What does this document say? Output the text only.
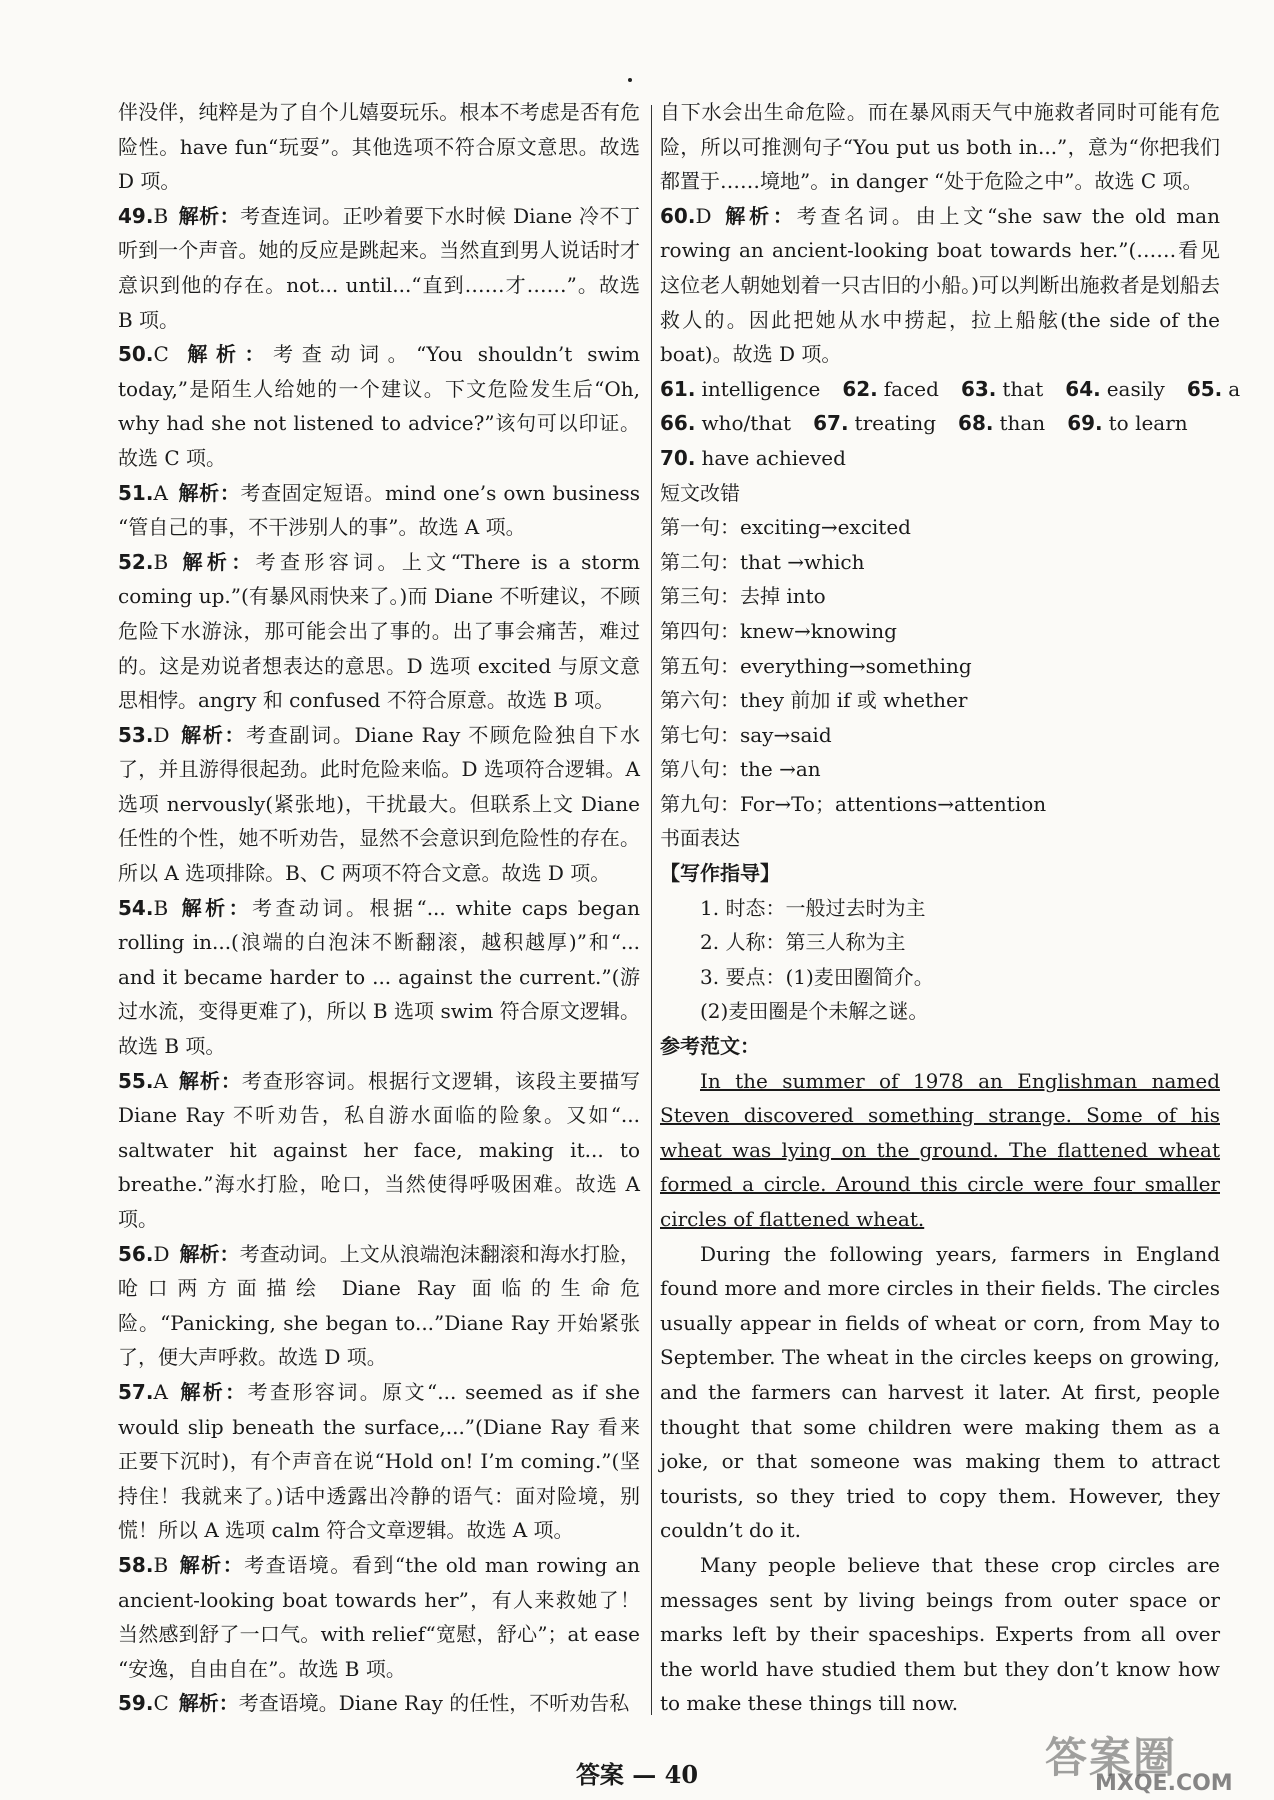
伴没伴，纯粹是为了自个儿嬉耍玩乐。根本不考虑是否有危险性。have fun“玩耍”。其他选项不符合原文意思。故选 D 项。

49.B 解析：考查连词。正吵着要下水时候 Diane 冷不丁听到一个声音。她的反应是跳起来。当然直到男人说话时才意识到他的存在。not... until...“直到……才……”。故选 B 项。

50.C 解析：考查动词。“You shouldn’t swim today,”是陌生人给她的一个建议。下文危险发生后“Oh, why had she not listened to advice?”该句可以印证。故选 C 项。

51.A 解析：考查固定短语。mind one’s own business “管自己的事，不干涉别人的事”。故选 A 项。

52.B 解析：考查形容词。上文“There is a storm coming up.”(有暴风雨快来了。)而 Diane 不听建议，不顾危险下水游泳，那可能会出了事的。出了事会痛苦，难过的。这是劝说者想表达的意思。D 选项 excited 与原文意思相悖。angry 和 confused 不符合原意。故选 B 项。

53.D 解析：考查副词。Diane Ray 不顾危险独自下水了，并且游得很起劲。此时危险来临。D 选项符合逻辑。A 选项 nervously(紧张地)，干扰最大。但联系上文 Diane 任性的个性，她不听劝告，显然不会意识到危险性的存在。所以 A 选项排除。B、C 两项不符合文意。故选 D 项。

54.B 解析：考查动词。根据“... white caps began rolling in...(浪端的白泡沫不断翻滚，越积越厚)”和“... and it became harder to ... against the current.”(游过水流，变得更难了)，所以 B 选项 swim 符合原文逻辑。故选 B 项。

55.A 解析：考查形容词。根据行文逻辑，该段主要描写 Diane Ray 不听劝告，私自游水面临的险象。又如“... saltwater hit against her face, making it... to breathe.”海水打脸，呛口，当然使得呼吸困难。故选 A 项。

56.D 解析：考查动词。上文从浪端泡沫翻滚和海水打脸，呛口两方面描绘 Diane Ray 面临的生命危险。“Panicking, she began to...”Diane Ray 开始紧张了，便大声呼救。故选 D 项。

57.A 解析：考查形容词。原文“... seemed as if she would slip beneath the surface,...”(Diane Ray 看来正要下沉时)，有个声音在说“Hold on! I’m coming.”(坚持住！我就来了。)话中透露出冷静的语气：面对险境，别慌！所以 A 选项 calm 符合文章逻辑。故选 A 项。

58.B 解析：考查语境。看到“the old man rowing an ancient-looking boat towards her”，有人来救她了！当然感到舒了一口气。with relief“宽慰，舒心”；at ease “安逸，自由自在”。故选 B 项。

59.C 解析：考查语境。Diane Ray 的任性，不听劝告私

自下水会出生命危险。而在暴风雨天气中施救者同时可能有危险，所以可推测句子“You put us both in...”，意为“你把我们都置于……境地”。in danger “处于危险之中”。故选 C 项。

60.D 解析：考查名词。由上文“she saw the old man rowing an ancient-looking boat towards her.”(……看见这位老人朝她划着一只古旧的小船。)可以判断出施救者是划船去救人的。因此把她从水中捞起，拉上船舷(the side of the boat)。故选 D 项。

61. intelligence 62. faced 63. that 64. easily 65. a
66. who/that 67. treating 68. than 69. to learn
70. have achieved

短文改错

第一句：exciting→excited
第二句：that →which
第三句：去掉 into
第四句：knew→knowing
第五句：everything→something
第六句：they 前加 if 或 whether
第七句：say→said
第八句：the →an
第九句：For→To；attentions→attention

书面表达

【写作指导】

1. 时态：一般过去时为主
2. 人称：第三人称为主
3. 要点：(1)麦田圈简介。
(2)麦田圈是个未解之谜。

参考范文：

In the summer of 1978 an Englishman named Steven discovered something strange. Some of his wheat was lying on the ground. The flattened wheat formed a circle. Around this circle were four smaller circles of flattened wheat.

During the following years, farmers in England found more and more circles in their fields. The circles usually appear in fields of wheat or corn, from May to September. The wheat in the circles keeps on growing, and the farmers can harvest it later. At first, people thought that some children were making them as a joke, or that someone was making them to attract tourists, so they tried to copy them. However, they couldn’t do it.

Many people believe that these crop circles are messages sent by living beings from outer space or marks left by their spaceships. Experts from all over the world have studied them but they don’t know how to make these things till now.

答案 — 40	答案圈
MXQE.COM
